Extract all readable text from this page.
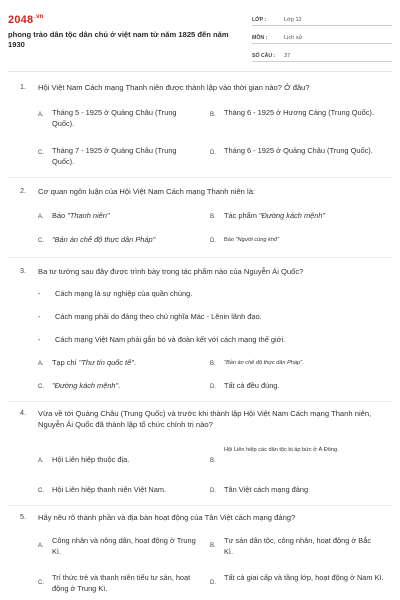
$2048^{.vn}$
phong trào dân tộc dân chủ ở việt nam từ năm 1825 đến năm 1930
LỚP :	Lớp 12
MÔN :	Lịch sử
SỐ CÂU :	37
1. Hội Việt Nam Cách mạng Thanh niên được thành lập vào thời gian nào? Ở đâu?
A. Tháng 5 - 1925 ở Quảng Châu (Trung Quốc).
B. Tháng 6 - 1925 ở Hương Cảng (Trung Quốc).
C. Tháng 7 - 1925 ở Quảng Châu (Trung Quốc).
D. Tháng 6 - 1925 ở Quảng Châu (Trung Quốc).
2. Cơ quan ngôn luận của Hội Việt Nam Cách mạng Thanh niên là:
A. Báo "Thanh niên"	B. Tác phẩm "Đường kách mệnh"
C. "Bản án chế độ thực dân Pháp"	D. Báo "Người cùng khổ"
3. Ba tư tưởng sau đây được trình bày trong tác phẩm nào của Nguyễn Ái Quốc?
- Cách mạng là sự nghiệp của quần chúng.
- Cách mạng phải do đảng theo chủ nghĩa Mác - Lênin lãnh đạo.
- Cách mạng Việt Nam phải gắn bó và đoàn kết với cách mạng thế giới.
A. Tạp chí "Thư tín quốc tế".	B. "Bản án chế độ thực dân Pháp".
C. "Đường kách mệnh".	D. Tất cả đều đúng.
4. Vừa về tới Quảng Châu (Trung Quốc) và trước khi thành lập Hội Việt Nam Cách mạng Thanh niên, Nguyễn Ái Quốc đã thành lập tổ chức chính trị nào?
A. Hội Liên hiệp thuộc địa.	B.
Hội Liên hiệp các dân tộc bị áp bức ở Á Đông.
C. Hội Liên hiệp thanh niên Việt Nam.	D. Tân Việt cách mạng đảng
5. Hãy nêu rõ thành phần và địa bàn hoạt động của Tân Việt cách mạng đảng?
A.
Công nhân và nông dân, hoạt động ở Trung Kì.
B.
Tư sản dân tộc, công nhân, hoạt động ở Bắc Kì.
C.
Trí thức trẻ và thanh niên tiểu tư sản, hoạt động ở Trung Kì.
D.
Tất cả giai cấp và tầng lớp, hoạt động ở Nam Kì.
